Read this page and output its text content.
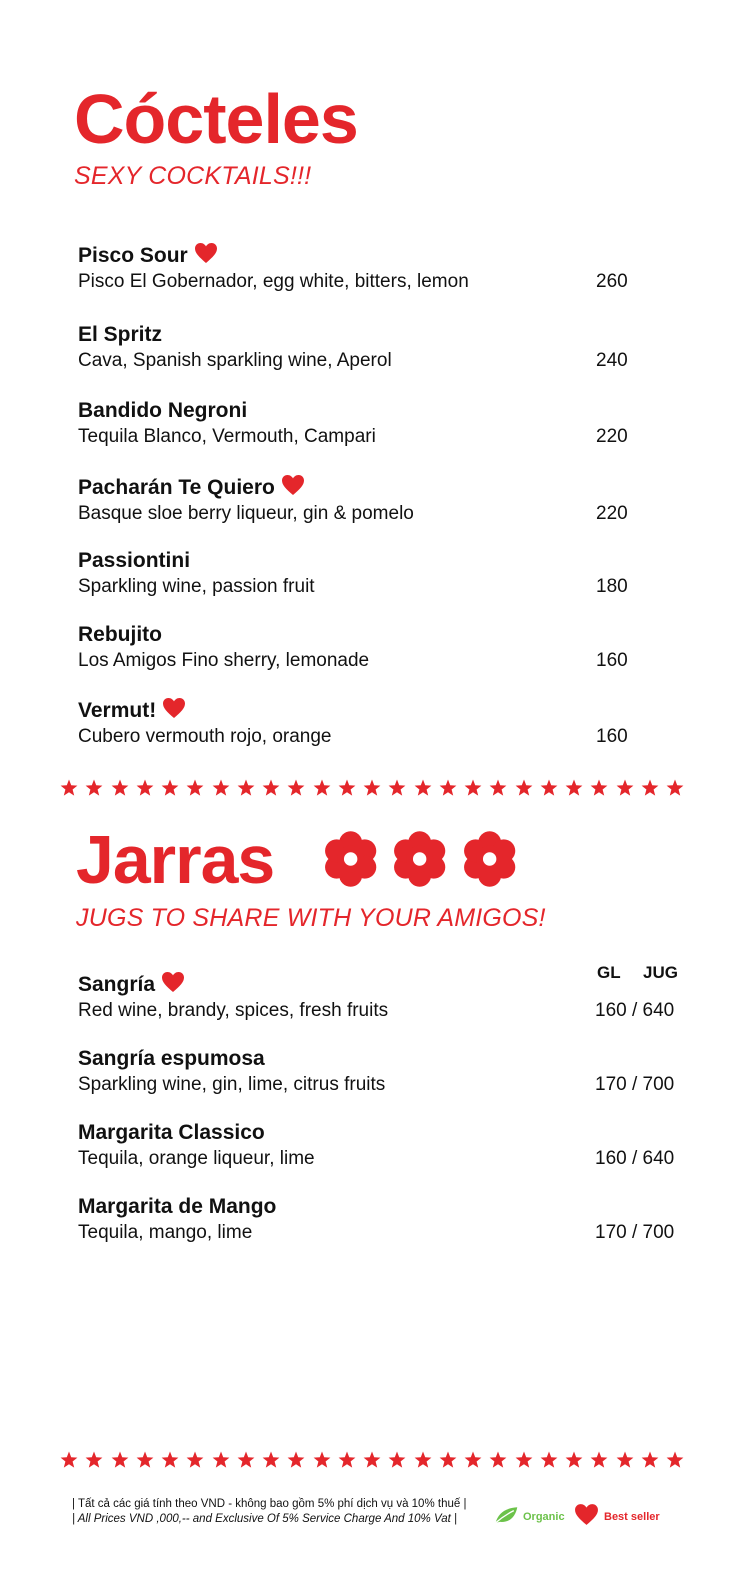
Cócteles
SEXY COCKTAILS!!!
Pisco Sour
Pisco El Gobernador, egg white, bitters, lemon	260
El Spritz
Cava, Spanish sparkling wine, Aperol	240
Bandido Negroni
Tequila Blanco, Vermouth, Campari	220
Pacharán Te Quiero
Basque sloe berry liqueur, gin & pomelo	220
Passiontini
Sparkling wine, passion fruit	180
Rebujito
Los Amigos Fino sherry, lemonade	160
Vermut!
Cubero vermouth rojo, orange	160
Jarras
JUGS TO SHARE WITH YOUR AMIGOS!
GL JUG
Sangría
Red wine, brandy, spices, fresh fruits	160 / 640
Sangría espumosa
Sparkling wine, gin, lime, citrus fruits	170 / 700
Margarita Classico
Tequila, orange liqueur, lime	160 / 640
Margarita de Mango
Tequila, mango, lime	170 / 700
| Tất cả các giá tính theo VND - không bao gồm 5% phí dịch vụ và 10% thuế |
| All Prices VND ,000,-- and Exclusive Of 5% Service Charge And 10% Vat |	Organic	Best seller
